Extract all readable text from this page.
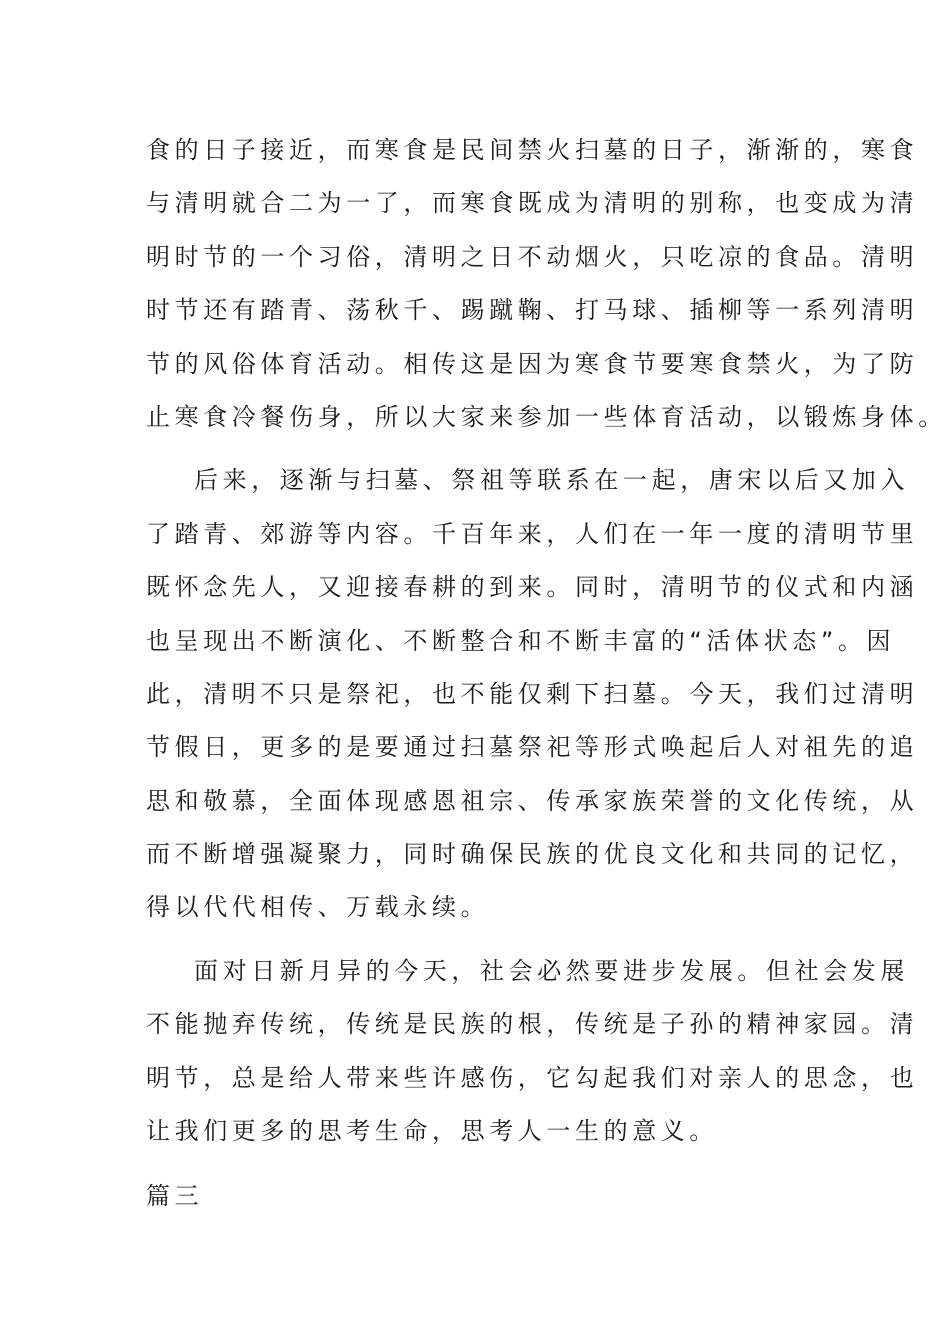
食的日子接近，而寒食是民间禁火扫墓的日子，渐渐的，寒食
与清明就合二为一了，而寒食既成为清明的别称，也变成为清
明时节的一个习俗，清明之日不动烟火，只吃凉的食品。清明
时节还有踏青、荡秋千、踢蹴鞠、打马球、插柳等一系列清明
节的风俗体育活动。相传这是因为寒食节要寒食禁火，为了防
止寒食冷餐伤身，所以大家来参加一些体育活动，以锻炼身体。
后来，逐渐与扫墓、祭祖等联系在一起，唐宋以后又加入
了踏青、郊游等内容。千百年来，人们在一年一度的清明节里
既怀念先人，又迎接春耕的到来。同时，清明节的仪式和内涵
也呈现出不断演化、不断整合和不断丰富的“活体状态”。因
此，清明不只是祭祀，也不能仅剩下扫墓。今天，我们过清明
节假日，更多的是要通过扫墓祭祀等形式唤起后人对祖先的追
思和敬慕，全面体现感恩祖宗、传承家族荣誉的文化传统，从
而不断增强凝聚力，同时确保民族的优良文化和共同的记忆，
得以代代相传、万载永续。
面对日新月异的今天，社会必然要进步发展。但社会发展
不能抛弃传统，传统是民族的根，传统是子孙的精神家园。清
明节，总是给人带来些许感伤，它勾起我们对亲人的思念，也
让我们更多的思考生命，思考人一生的意义。
篇三
